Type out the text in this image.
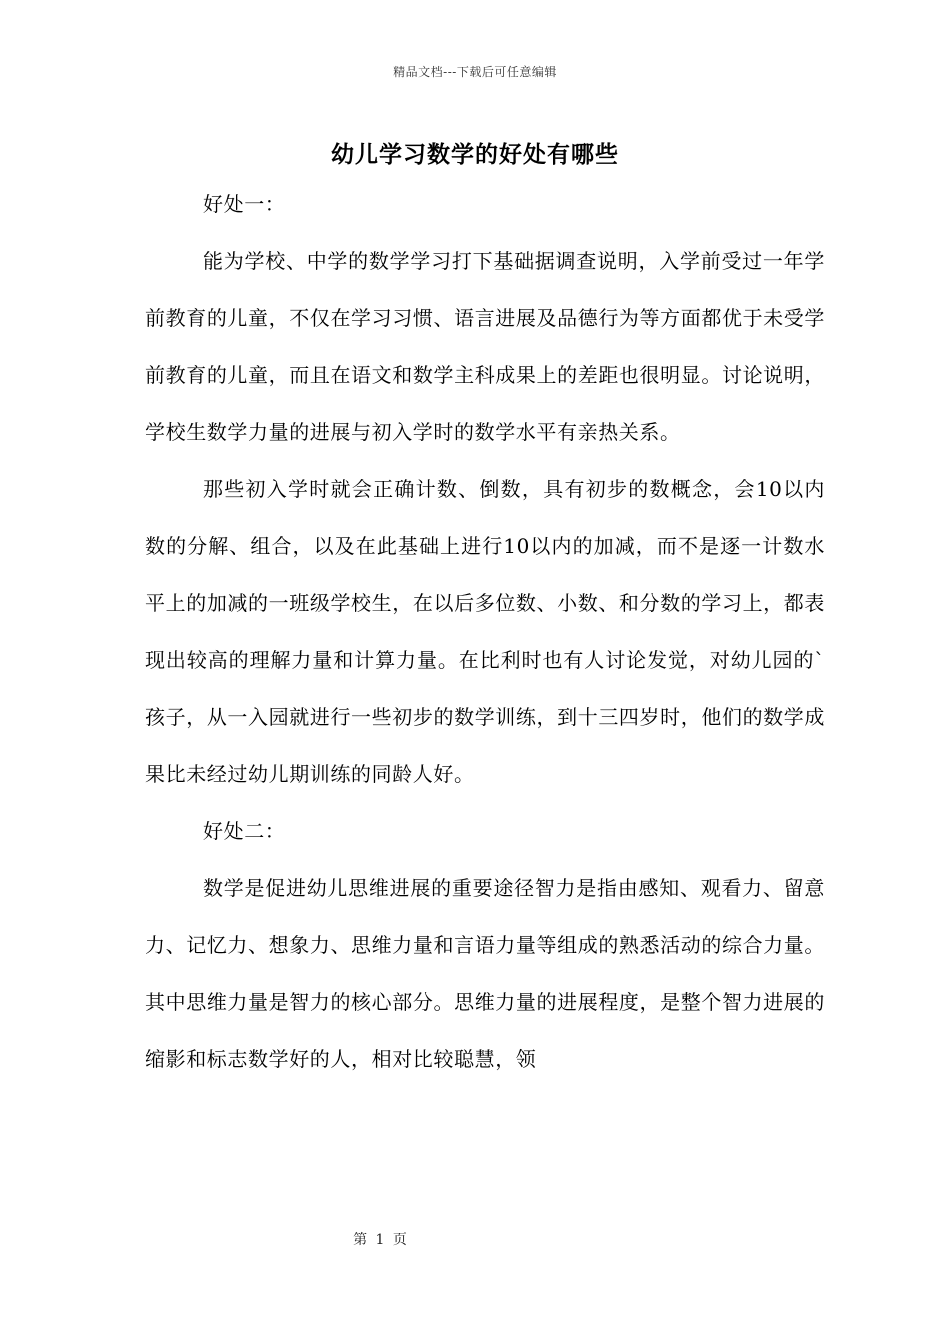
精品文档---下载后可任意编辑
幼儿学习数学的好处有哪些

好处一：

能为学校、中学的数学学习打下基础据调查说明，入学前受过一年学前教育的儿童，不仅在学习习惯、语言进展及品德行为等方面都优于未受学前教育的儿童，而且在语文和数学主科成果上的差距也很明显。讨论说明，学校生数学力量的进展与初入学时的数学水平有亲热关系。

那些初入学时就会正确计数、倒数，具有初步的数概念，会10以内数的分解、组合，以及在此基础上进行10以内的加减，而不是逐一计数水平上的加减的一班级学校生，在以后多位数、小数、和分数的学习上，都表现出较高的理解力量和计算力量。在比利时也有人讨论发觉，对幼儿园的`孩子，从一入园就进行一些初步的数学训练，到十三四岁时，他们的数学成果比未经过幼儿期训练的同龄人好。

好处二：

数学是促进幼儿思维进展的重要途径智力是指由感知、观看力、留意力、记忆力、想象力、思维力量和言语力量等组成的熟悉活动的综合力量。其中思维力量是智力的核心部分。思维力量的进展程度，是整个智力进展的缩影和标志数学好的人，相对比较聪慧，领

第 1 页
